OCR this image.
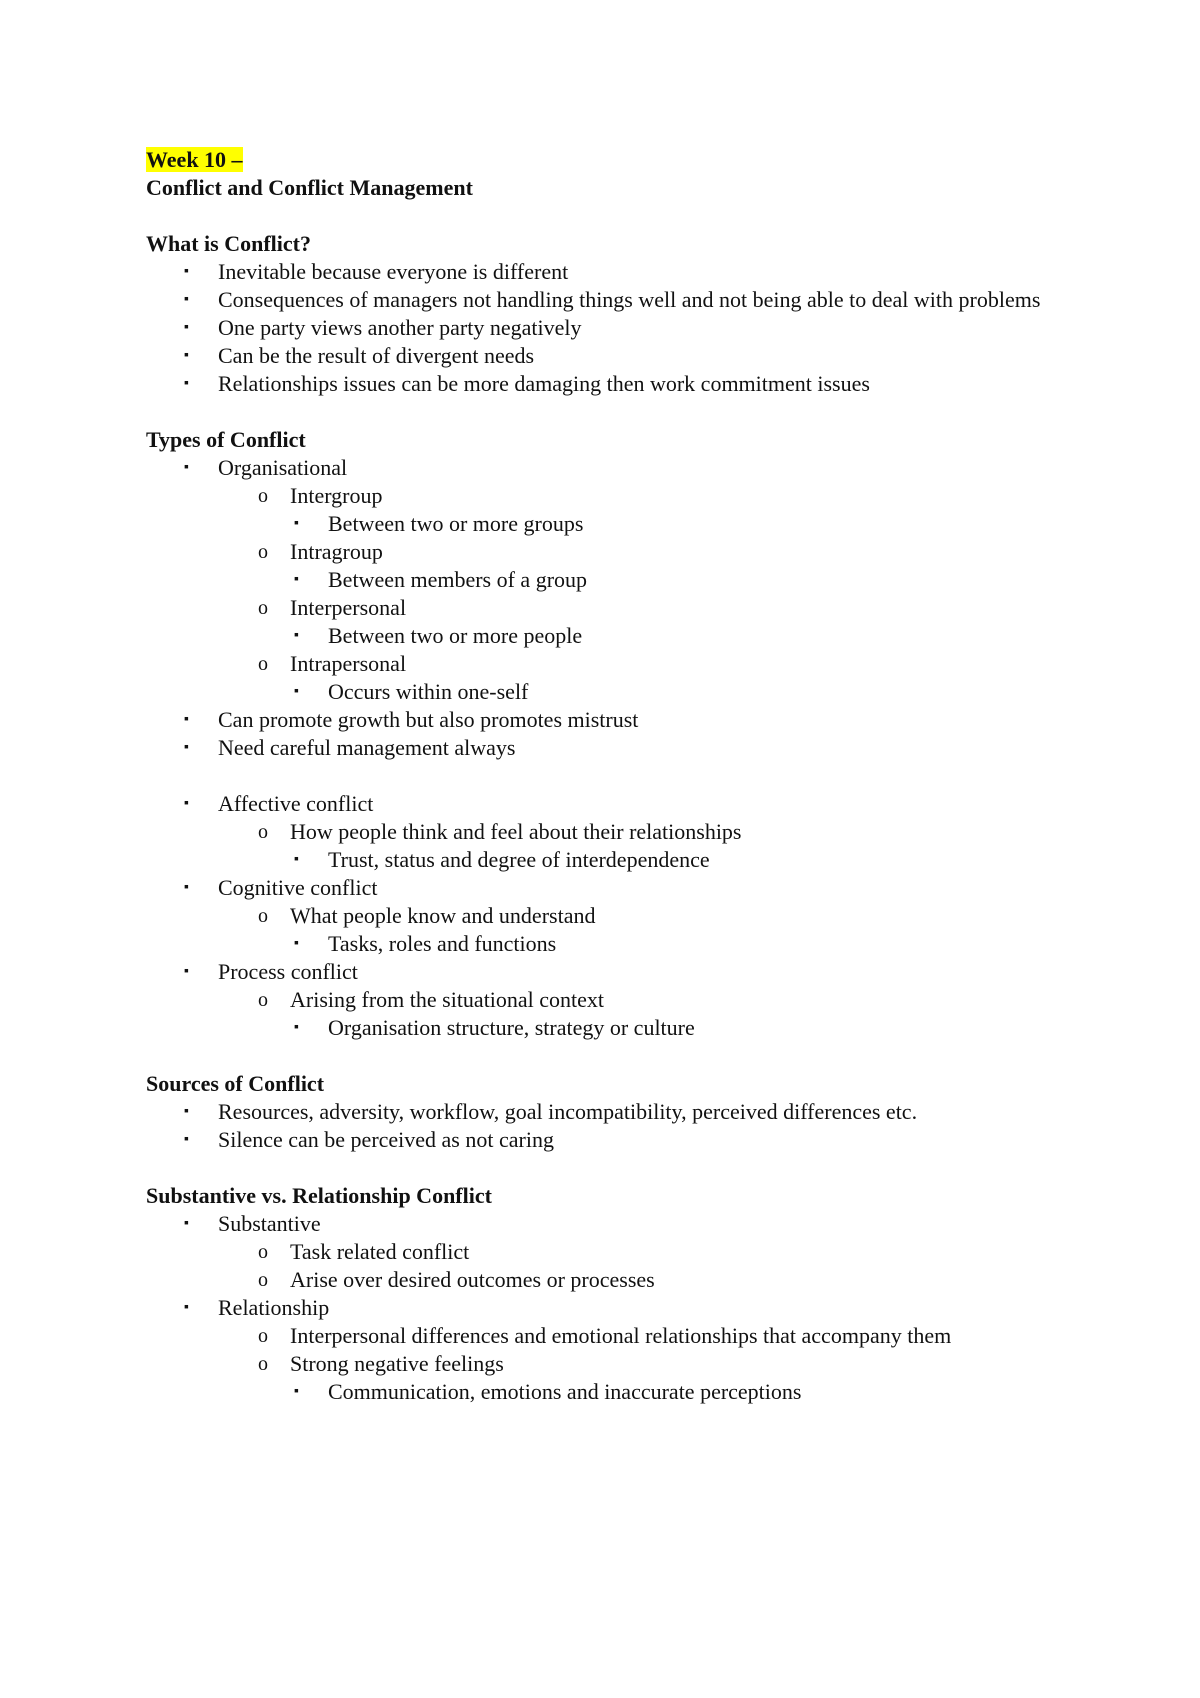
Week 10 –
Conflict and Conflict Management
What is Conflict?
▪ Inevitable because everyone is different
▪ Consequences of managers not handling things well and not being able to deal with problems
▪ One party views another party negatively
▪ Can be the result of divergent needs
▪ Relationships issues can be more damaging then work commitment issues
Types of Conflict
▪ Organisational
o Intergroup
▪ Between two or more groups
o Intragroup
▪ Between members of a group
o Interpersonal
▪ Between two or more people
o Intrapersonal
▪ Occurs within one-self
▪ Can promote growth but also promotes mistrust
▪ Need careful management always
▪ Affective conflict
o How people think and feel about their relationships
▪ Trust, status and degree of interdependence
▪ Cognitive conflict
o What people know and understand
▪ Tasks, roles and functions
▪ Process conflict
o Arising from the situational context
▪ Organisation structure, strategy or culture
Sources of Conflict
▪ Resources, adversity, workflow, goal incompatibility, perceived differences etc.
▪ Silence can be perceived as not caring
Substantive vs. Relationship Conflict
▪ Substantive
o Task related conflict
o Arise over desired outcomes or processes
▪ Relationship
o Interpersonal differences and emotional relationships that accompany them
o Strong negative feelings
▪ Communication, emotions and inaccurate perceptions
